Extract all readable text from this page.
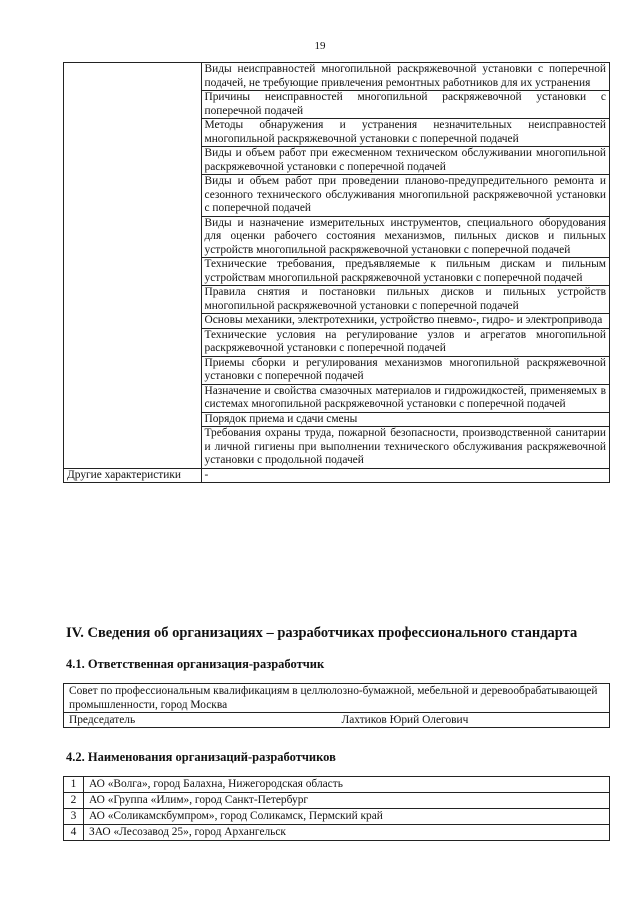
19
	Виды неисправностей многопильной раскряжевочной установки с поперечной подачей, не требующие привлечения ремонтных работников для их устранения
	Причины неисправностей многопильной раскряжевочной установки с поперечной подачей
	Методы обнаружения и устранения незначительных неисправностей многопильной раскряжевочной установки с поперечной подачей
	Виды и объем работ при ежесменном техническом обслуживании многопильной раскряжевочной установки с поперечной подачей
	Виды и объем работ при проведении планово-предупредительного ремонта и сезонного технического обслуживания многопильной раскряжевочной установки с поперечной подачей
	Виды и назначение измерительных инструментов, специального оборудования для оценки рабочего состояния механизмов, пильных дисков и пильных устройств многопильной раскряжевочной установки с поперечной подачей
	Технические требования, предъявляемые к пильным дискам и пильным устройствам многопильной раскряжевочной установки с поперечной подачей
	Правила снятия и постановки пильных дисков и пильных устройств многопильной раскряжевочной установки с поперечной подачей
	Основы механики, электротехники, устройство пневмо-, гидро- и электропривода
	Технические условия на регулирование узлов и агрегатов многопильной раскряжевочной установки с поперечной подачей
	Приемы сборки и регулирования механизмов многопильной раскряжевочной установки с поперечной подачей
	Назначение и свойства смазочных материалов и гидрожидкостей, применяемых в системах многопильной раскряжевочной установки с поперечной подачей
	Порядок приема и сдачи смены
	Требования охраны труда, пожарной безопасности, производственной санитарии и личной гигиены при выполнении технического обслуживания раскряжевочной установки с продольной подачей
Другие характеристики	-
IV. Сведения об организациях – разработчиках профессионального стандарта
4.1. Ответственная организация-разработчик
Совет по профессиональным квалификациям в целлюлозно-бумажной, мебельной и деревообрабатывающей промышленности, город Москва
Председатель	Лахтиков Юрий Олегович
4.2. Наименования организаций-разработчиков
1	АО «Волга», город Балахна, Нижегородская область
2	АО «Группа «Илим», город Санкт-Петербург
3	АО «Соликамскбумпром», город Соликамск, Пермский край
4	ЗАО «Лесозавод 25», город Архангельск
